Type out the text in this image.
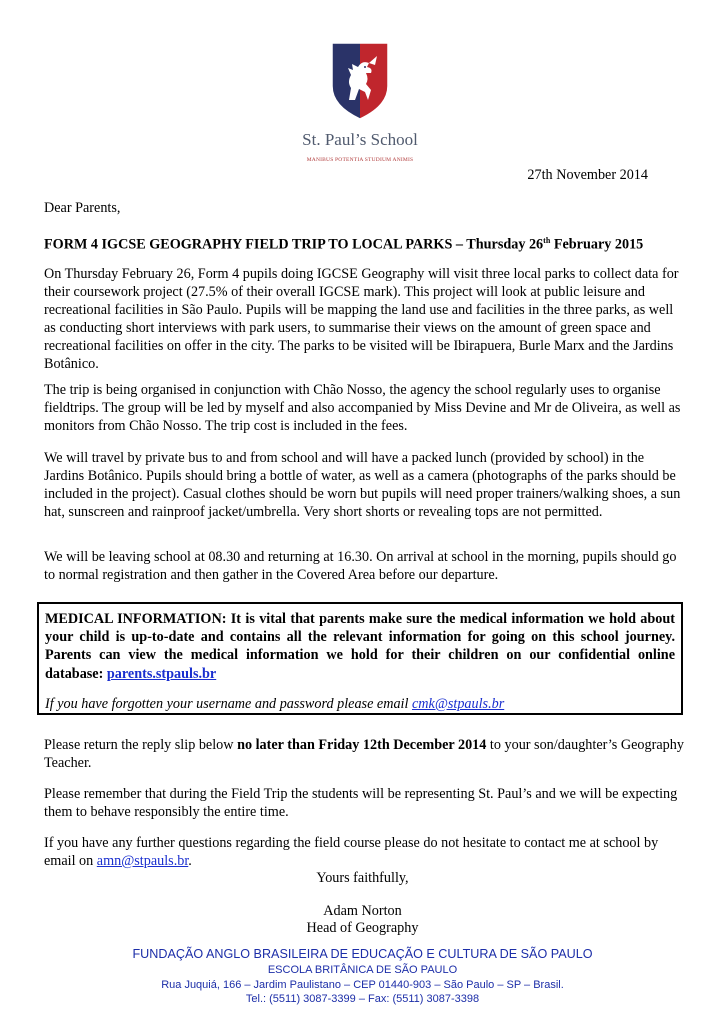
St. Paul’s School
MANIBUS POTENTIA STUDIUM ANIMIS
27th November 2014
Dear Parents,
FORM 4 IGCSE GEOGRAPHY FIELD TRIP TO LOCAL PARKS – Thursday 26th February 2015
On Thursday February 26, Form 4 pupils doing IGCSE Geography will visit three local parks to collect data for their coursework project (27.5% of their overall IGCSE mark). This project will look at public leisure and recreational facilities in São Paulo. Pupils will be mapping the land use and facilities in the three parks, as well as conducting short interviews with park users, to summarise their views on the amount of green space and recreational facilities on offer in the city. The parks to be visited will be Ibirapuera, Burle Marx and the Jardins Botânico.
The trip is being organised in conjunction with Chão Nosso, the agency the school regularly uses to organise fieldtrips. The group will be led by myself and also accompanied by Miss Devine and Mr de Oliveira, as well as monitors from Chão Nosso. The trip cost is included in the fees.
We will travel by private bus to and from school and will have a packed lunch (provided by school) in the Jardins Botânico. Pupils should bring a bottle of water, as well as a camera (photographs of the parks should be included in the project). Casual clothes should be worn but pupils will need proper trainers/walking shoes, a sun hat, sunscreen and rainproof jacket/umbrella. Very short shorts or revealing tops are not permitted.
We will be leaving school at 08.30 and returning at 16.30. On arrival at school in the morning, pupils should go to normal registration and then gather in the Covered Area before our departure.
MEDICAL INFORMATION: It is vital that parents make sure the medical information we hold about your child is up-to-date and contains all the relevant information for going on this school journey. Parents can view the medical information we hold for their children on our confidential online database: parents.stpauls.br
If you have forgotten your username and password please email cmk@stpauls.br
Please return the reply slip below no later than Friday 12th December 2014 to your son/daughter’s Geography Teacher.
Please remember that during the Field Trip the students will be representing St. Paul’s and we will be expecting them to behave responsibly the entire time.
If you have any further questions regarding the field course please do not hesitate to contact me at school by email on amn@stpauls.br.
Yours faithfully,
Adam Norton
Head of Geography
FUNDAÇÃO ANGLO BRASILEIRA DE EDUCAÇÃO E CULTURA DE SÃO PAULO
ESCOLA BRITÂNICA DE SÃO PAULO
Rua Juquiá, 166 – Jardim Paulistano – CEP 01440-903 – São Paulo – SP – Brasil.
Tel.: (5511) 3087-3399 – Fax: (5511) 3087-3398
